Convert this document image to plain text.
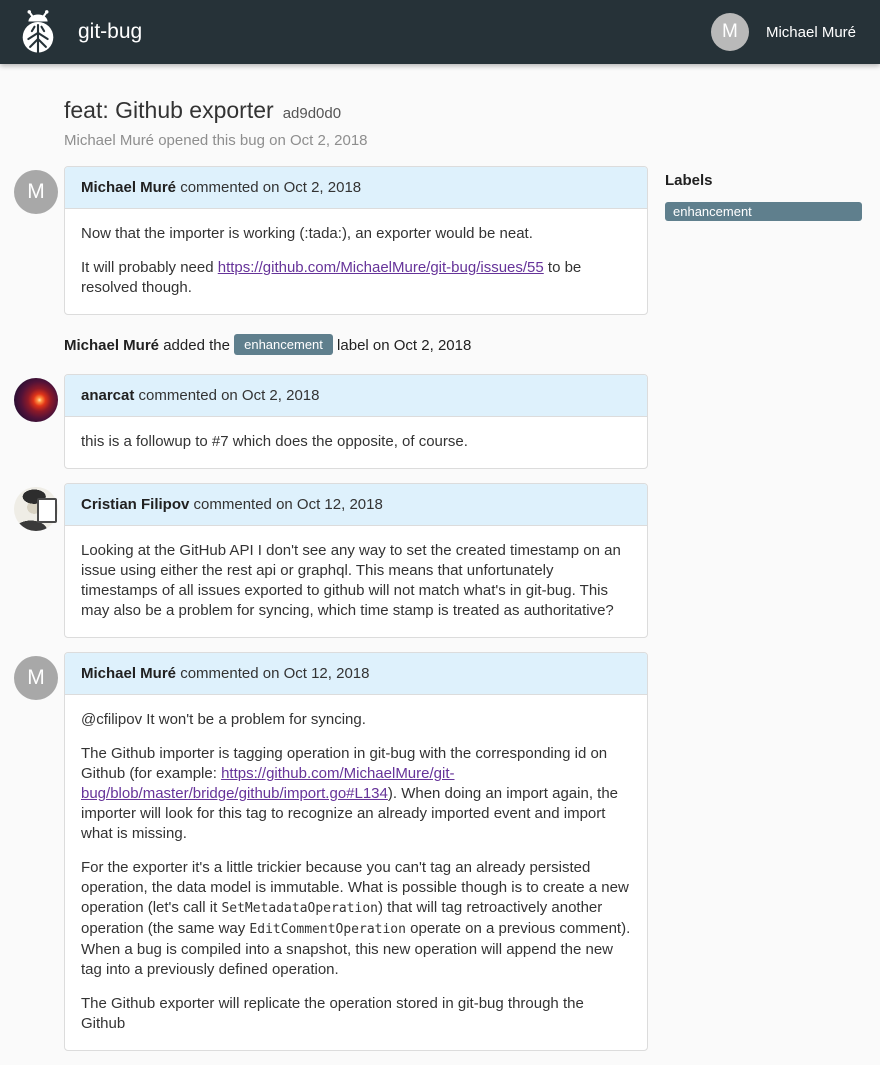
git-bug	M	Michael Muré
feat: Github exporter ad9d0d0
Michael Muré opened this bug on Oct 2, 2018
M	Michael Muré commented on Oct 2, 2018

Now that the importer is working (:tada:), an exporter would be neat.

It will probably need https://github.com/MichaelMure/git-bug/issues/55 to be resolved though.

Michael Muré added the enhancement label on Oct 2, 2018
anarcat commented on Oct 2, 2018

this is a followup to #7 which does the opposite, of course.

Cristian Filipov commented on Oct 12, 2018

Looking at the GitHub API I don't see any way to set the created timestamp on an issue using either the rest api or graphql. This means that unfortunately timestamps of all issues exported to github will not match what's in git-bug. This may also be a problem for syncing, which time stamp is treated as authoritative?

M	Michael Muré commented on Oct 12, 2018

@cfilipov It won't be a problem for syncing.

The Github importer is tagging operation in git-bug with the corresponding id on Github (for example: https://github.com/MichaelMure/git-bug/blob/master/bridge/github/import.go#L134). When doing an import again, the importer will look for this tag to recognize an already imported event and import what is missing.

For the exporter it's a little trickier because you can't tag an already persisted operation, the data model is immutable. What is possible though is to create a new operation (let's call it SetMetadataOperation) that will tag retroactively another operation (the same way EditCommentOperation operate on a previous comment). When a bug is compiled into a snapshot, this new operation will append the new tag into a previously defined operation.

The Github exporter will replicate the operation stored in git-bug through the Github

Labels
enhancement
